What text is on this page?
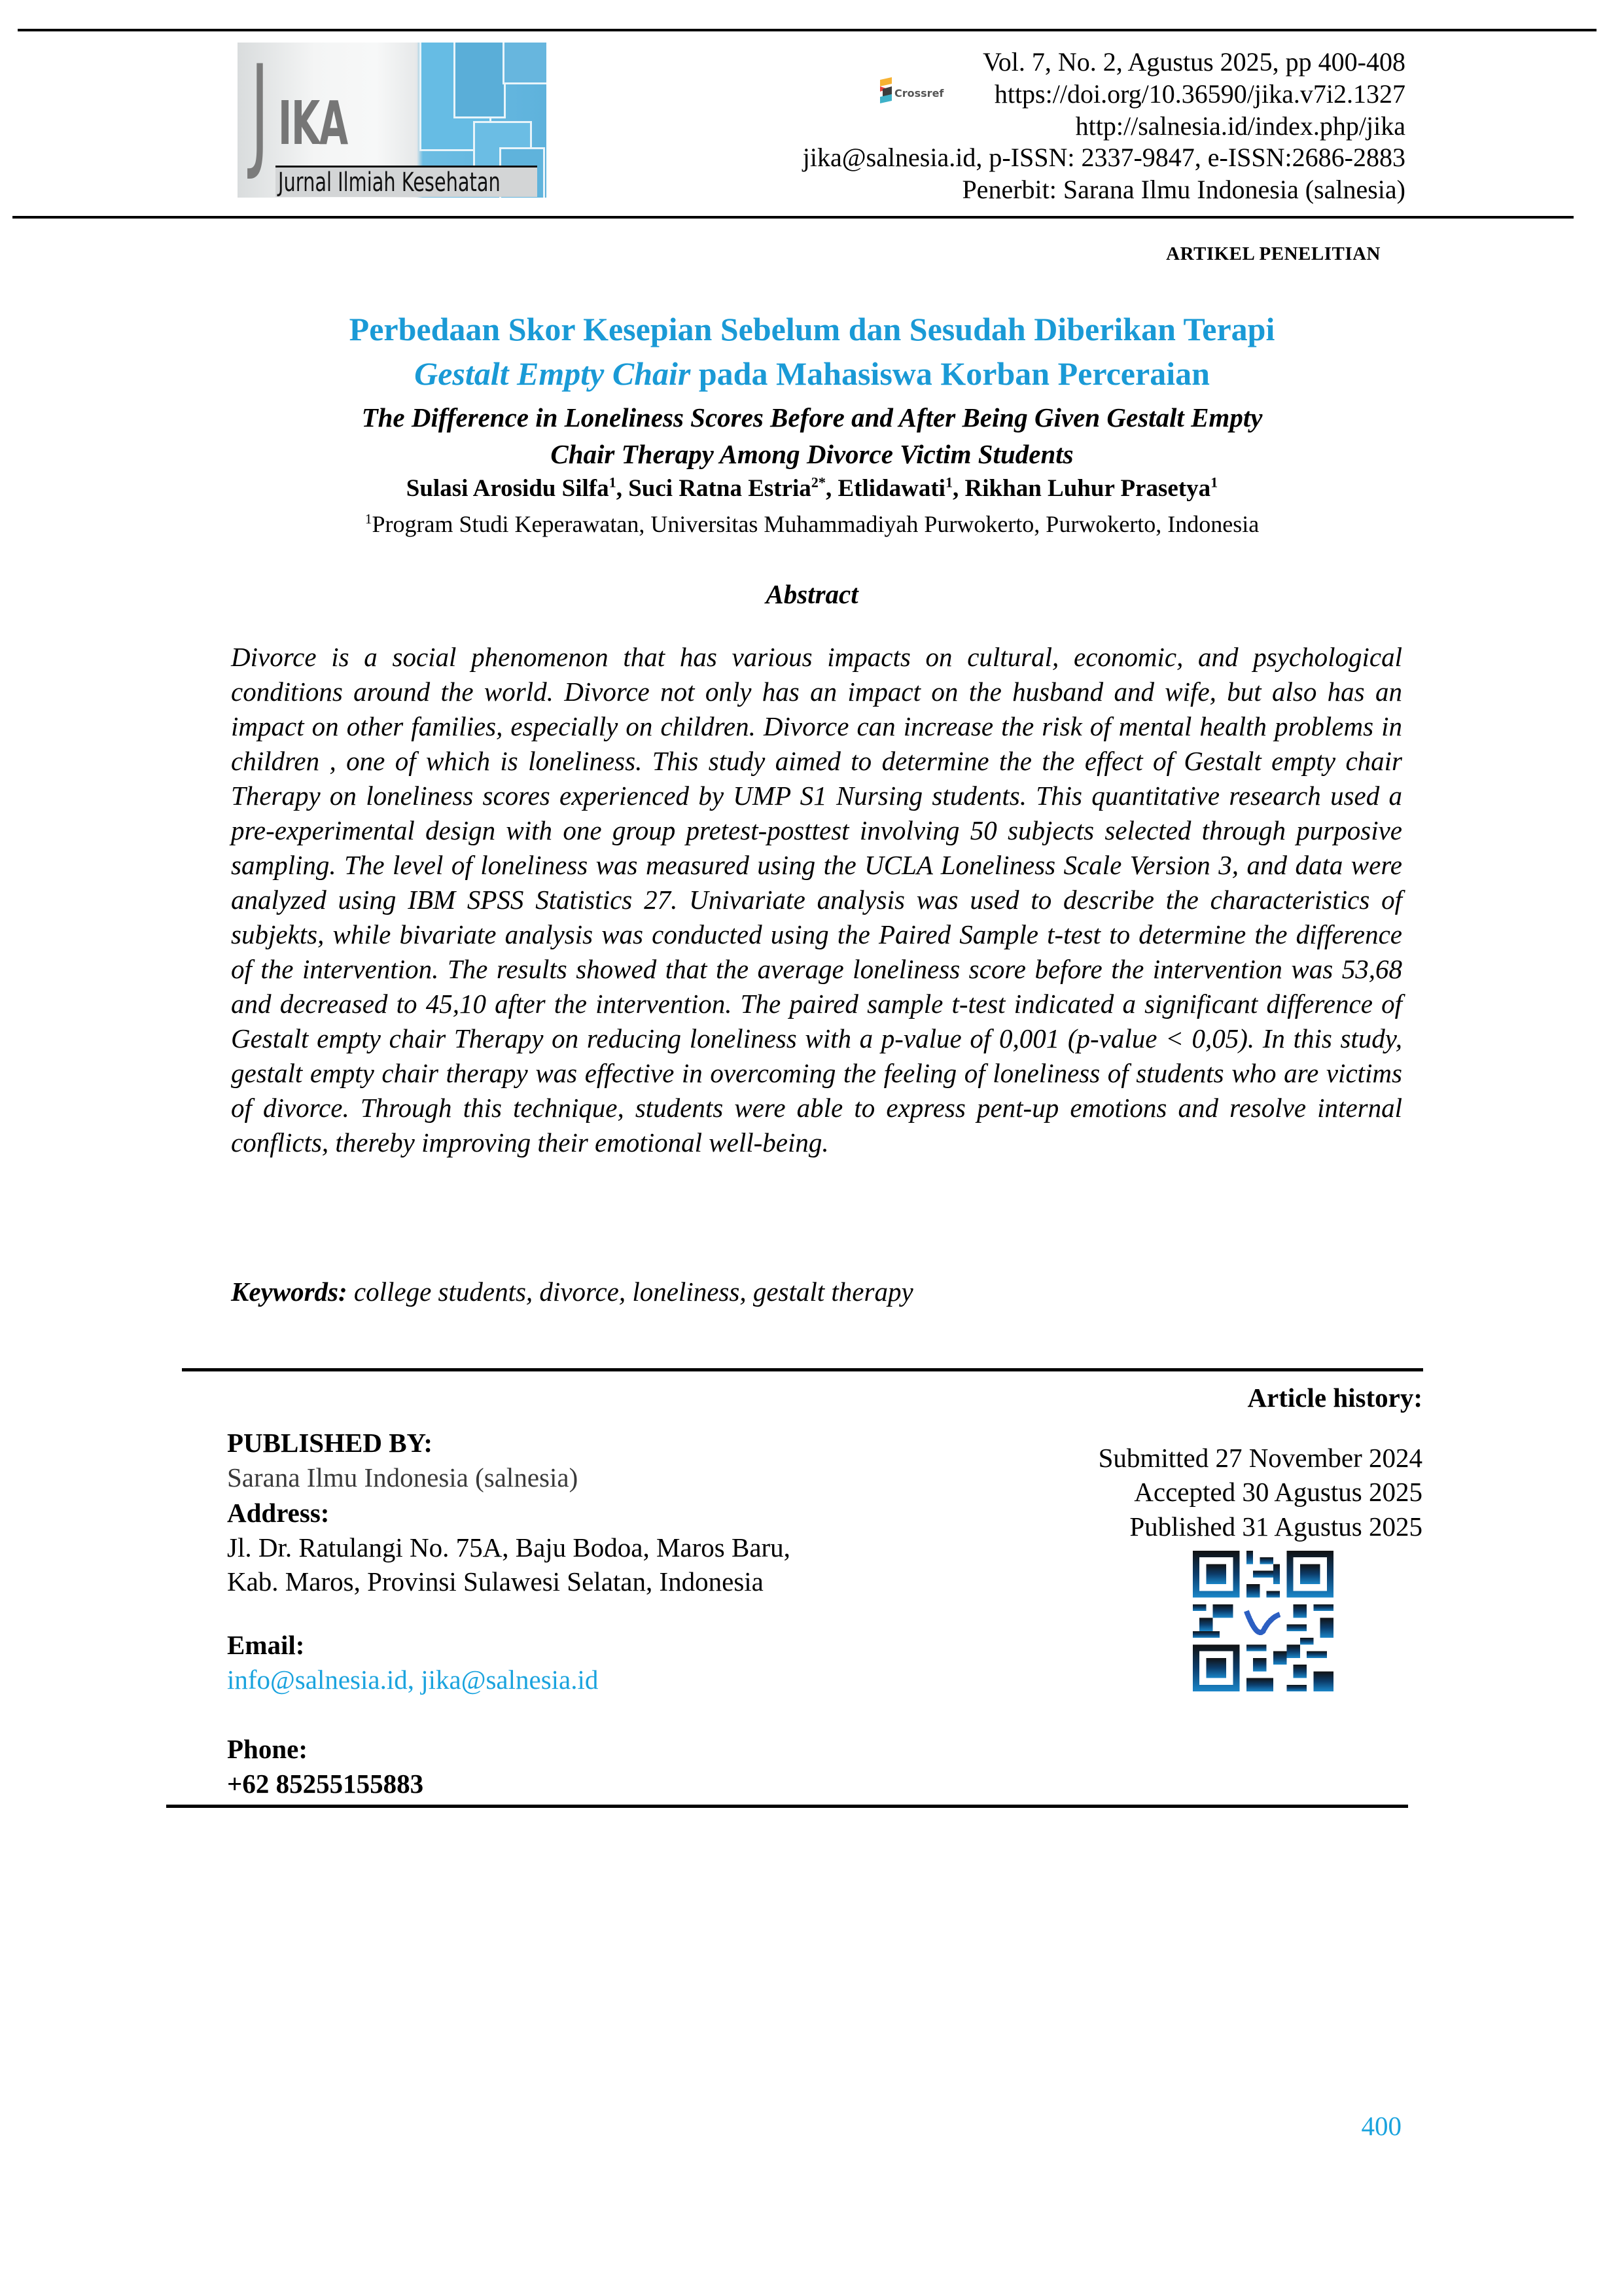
J IKA
Jurnal Ilmiah Kesehatan
Vol. 7, No. 2, Agustus 2025, pp 400-408
Crossref https://doi.org/10.36590/jika.v7i2.1327
http://salnesia.id/index.php/jika
jika@salnesia.id, p-ISSN: 2337-9847, e-ISSN:2686-2883
Penerbit: Sarana Ilmu Indonesia (salnesia)
ARTIKEL PENELITIAN
Perbedaan Skor Kesepian Sebelum dan Sesudah Diberikan Terapi
Gestalt Empty Chair pada Mahasiswa Korban Perceraian
The Difference in Loneliness Scores Before and After Being Given Gestalt Empty
Chair Therapy Among Divorce Victim Students
Sulasi Arosidu Silfa$^1$, Suci Ratna Estria$^{2*}$, Etlidawati$^1$, Rikhan Luhur Prasetya$^1$
$^1$Program Studi Keperawatan, Universitas Muhammadiyah Purwokerto, Purwokerto, Indonesia
Abstract
Divorce is a social phenomenon that has various impacts on cultural, economic, and psychological conditions around the world. Divorce not only has an impact on the husband and wife, but also has an impact on other families, especially on children. Divorce can increase the risk of mental health problems in children , one of which is loneliness. This study aimed to determine the the effect of Gestalt empty chair Therapy on loneliness scores experienced by UMP S1 Nursing students. This quantitative research used a pre-experimental design with one group pretest-posttest involving 50 subjects selected through purposive sampling. The level of loneliness was measured using the UCLA Loneliness Scale Version 3, and data were analyzed using IBM SPSS Statistics 27. Univariate analysis was used to describe the characteristics of subjekts, while bivariate analysis was conducted using the Paired Sample t-test to determine the difference of the intervention. The results showed that the average loneliness score before the intervention was 53,68 and decreased to 45,10 after the intervention. The paired sample t-test indicated a significant difference of Gestalt empty chair Therapy on reducing loneliness with a p-value of 0,001 (p-value < 0,05). In this study, gestalt empty chair therapy was effective in overcoming the feeling of loneliness of students who are victims of divorce. Through this technique, students were able to express pent-up emotions and resolve internal conflicts, thereby improving their emotional well-being.
Keywords: college students, divorce, loneliness, gestalt therapy
PUBLISHED BY:
Sarana Ilmu Indonesia (salnesia)
Address:
Jl. Dr. Ratulangi No. 75A, Baju Bodoa, Maros Baru,
Kab. Maros, Provinsi Sulawesi Selatan, Indonesia
Email:
info@salnesia.id, jika@salnesia.id
Phone:
+62 85255155883
Article history:
Submitted 27 November 2024
Accepted 30 Agustus 2025
Published 31 Agustus 2025
400
